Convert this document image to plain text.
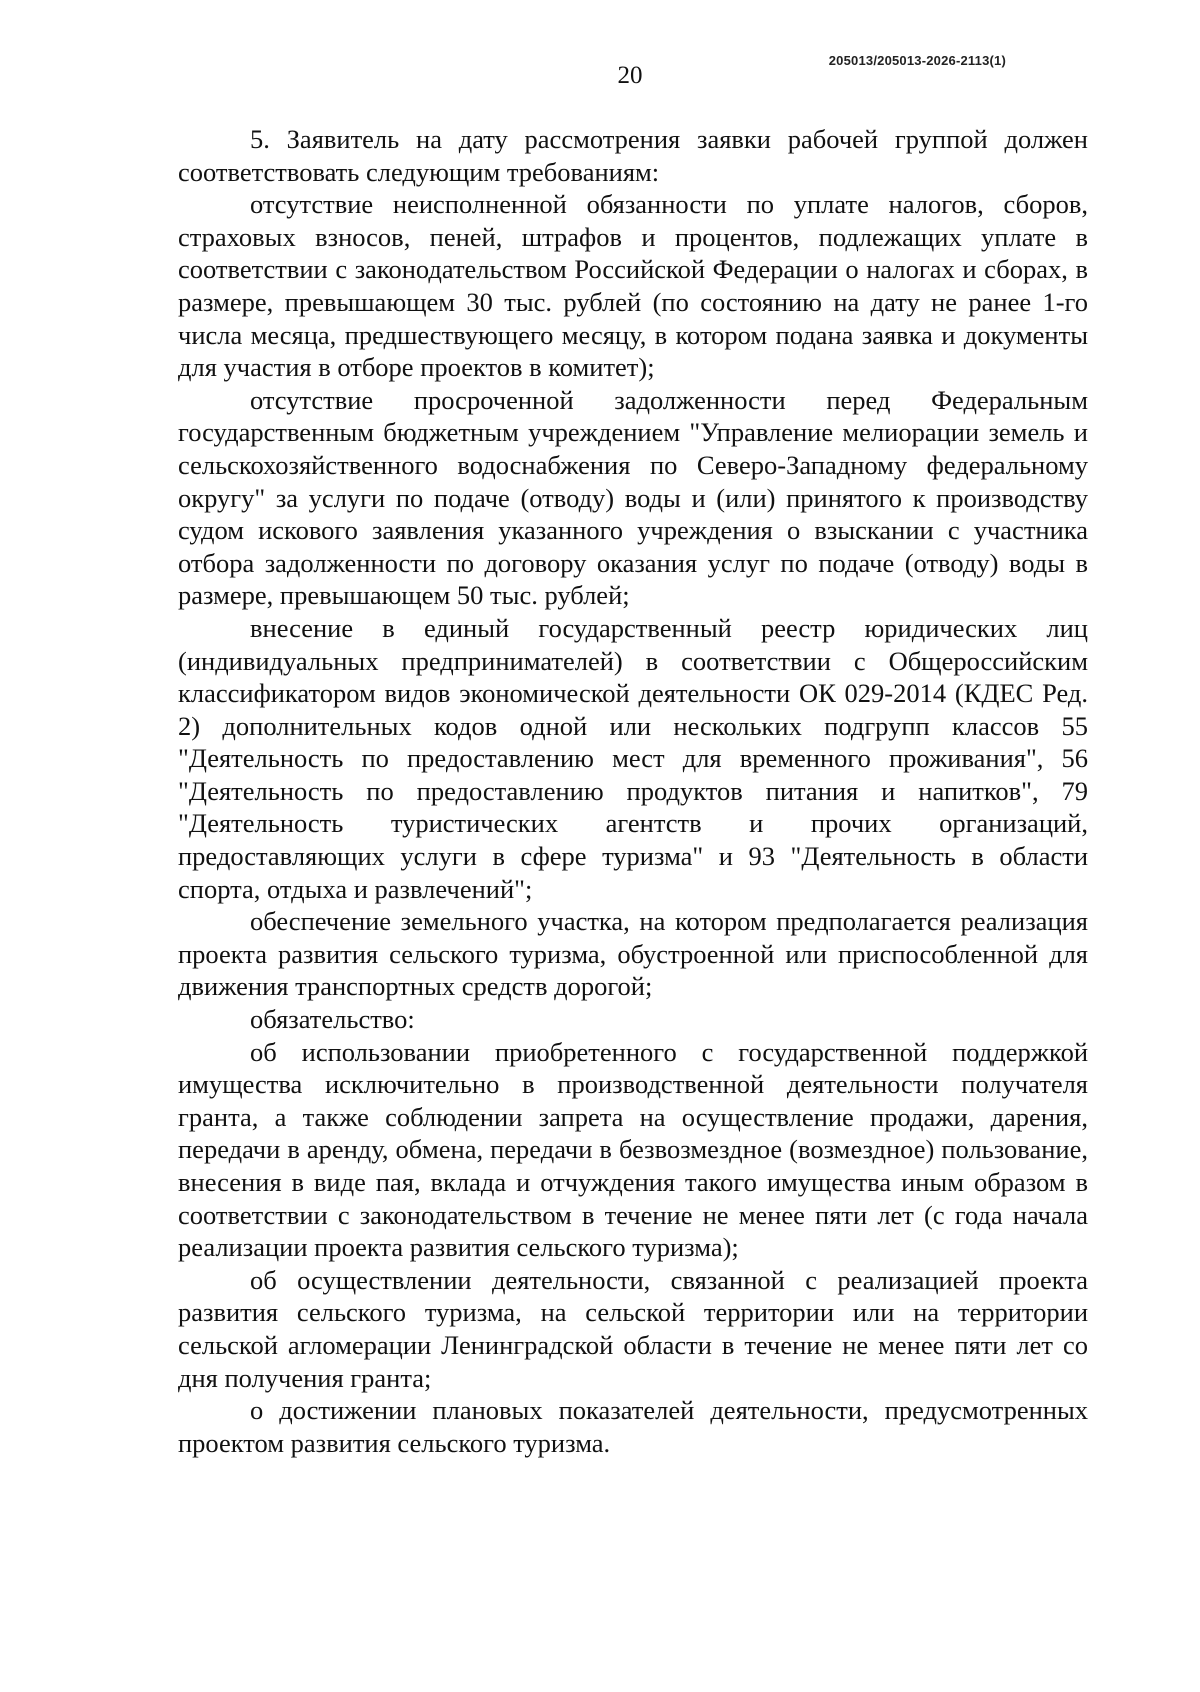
205013/205013-2026-2113(1)
20

5. Заявитель на дату рассмотрения заявки рабочей группой должен соответствовать следующим требованиям:

отсутствие неисполненной обязанности по уплате налогов, сборов, страховых взносов, пеней, штрафов и процентов, подлежащих уплате в соответствии с законодательством Российской Федерации о налогах и сборах, в размере, превышающем 30 тыс. рублей (по состоянию на дату не ранее 1-го числа месяца, предшествующего месяцу, в котором подана заявка и документы для участия в отборе проектов в комитет);

отсутствие просроченной задолженности перед Федеральным государственным бюджетным учреждением "Управление мелиорации земель и сельскохозяйственного водоснабжения по Северо-Западному федеральному округу" за услуги по подаче (отводу) воды и (или) принятого к производству судом искового заявления указанного учреждения о взыскании с участника отбора задолженности по договору оказания услуг по подаче (отводу) воды в размере, превышающем 50 тыс. рублей;

внесение в единый государственный реестр юридических лиц (индивидуальных предпринимателей) в соответствии с Общероссийским классификатором видов экономической деятельности ОК 029-2014 (КДЕС Ред. 2) дополнительных кодов одной или нескольких подгрупп классов 55 "Деятельность по предоставлению мест для временного проживания", 56 "Деятельность по предоставлению продуктов питания и напитков", 79 "Деятельность туристических агентств и прочих организаций, предоставляющих услуги в сфере туризма" и 93 "Деятельность в области спорта, отдыха и развлечений";

обеспечение земельного участка, на котором предполагается реализация проекта развития сельского туризма, обустроенной или приспособленной для движения транспортных средств дорогой;

обязательство:

об использовании приобретенного с государственной поддержкой имущества исключительно в производственной деятельности получателя гранта, а также соблюдении запрета на осуществление продажи, дарения, передачи в аренду, обмена, передачи в безвозмездное (возмездное) пользование, внесения в виде пая, вклада и отчуждения такого имущества иным образом в соответствии с законодательством в течение не менее пяти лет (с года начала реализации проекта развития сельского туризма);

об осуществлении деятельности, связанной с реализацией проекта развития сельского туризма, на сельской территории или на территории сельской агломерации Ленинградской области в течение не менее пяти лет со дня получения гранта;

о достижении плановых показателей деятельности, предусмотренных проектом развития сельского туризма.
